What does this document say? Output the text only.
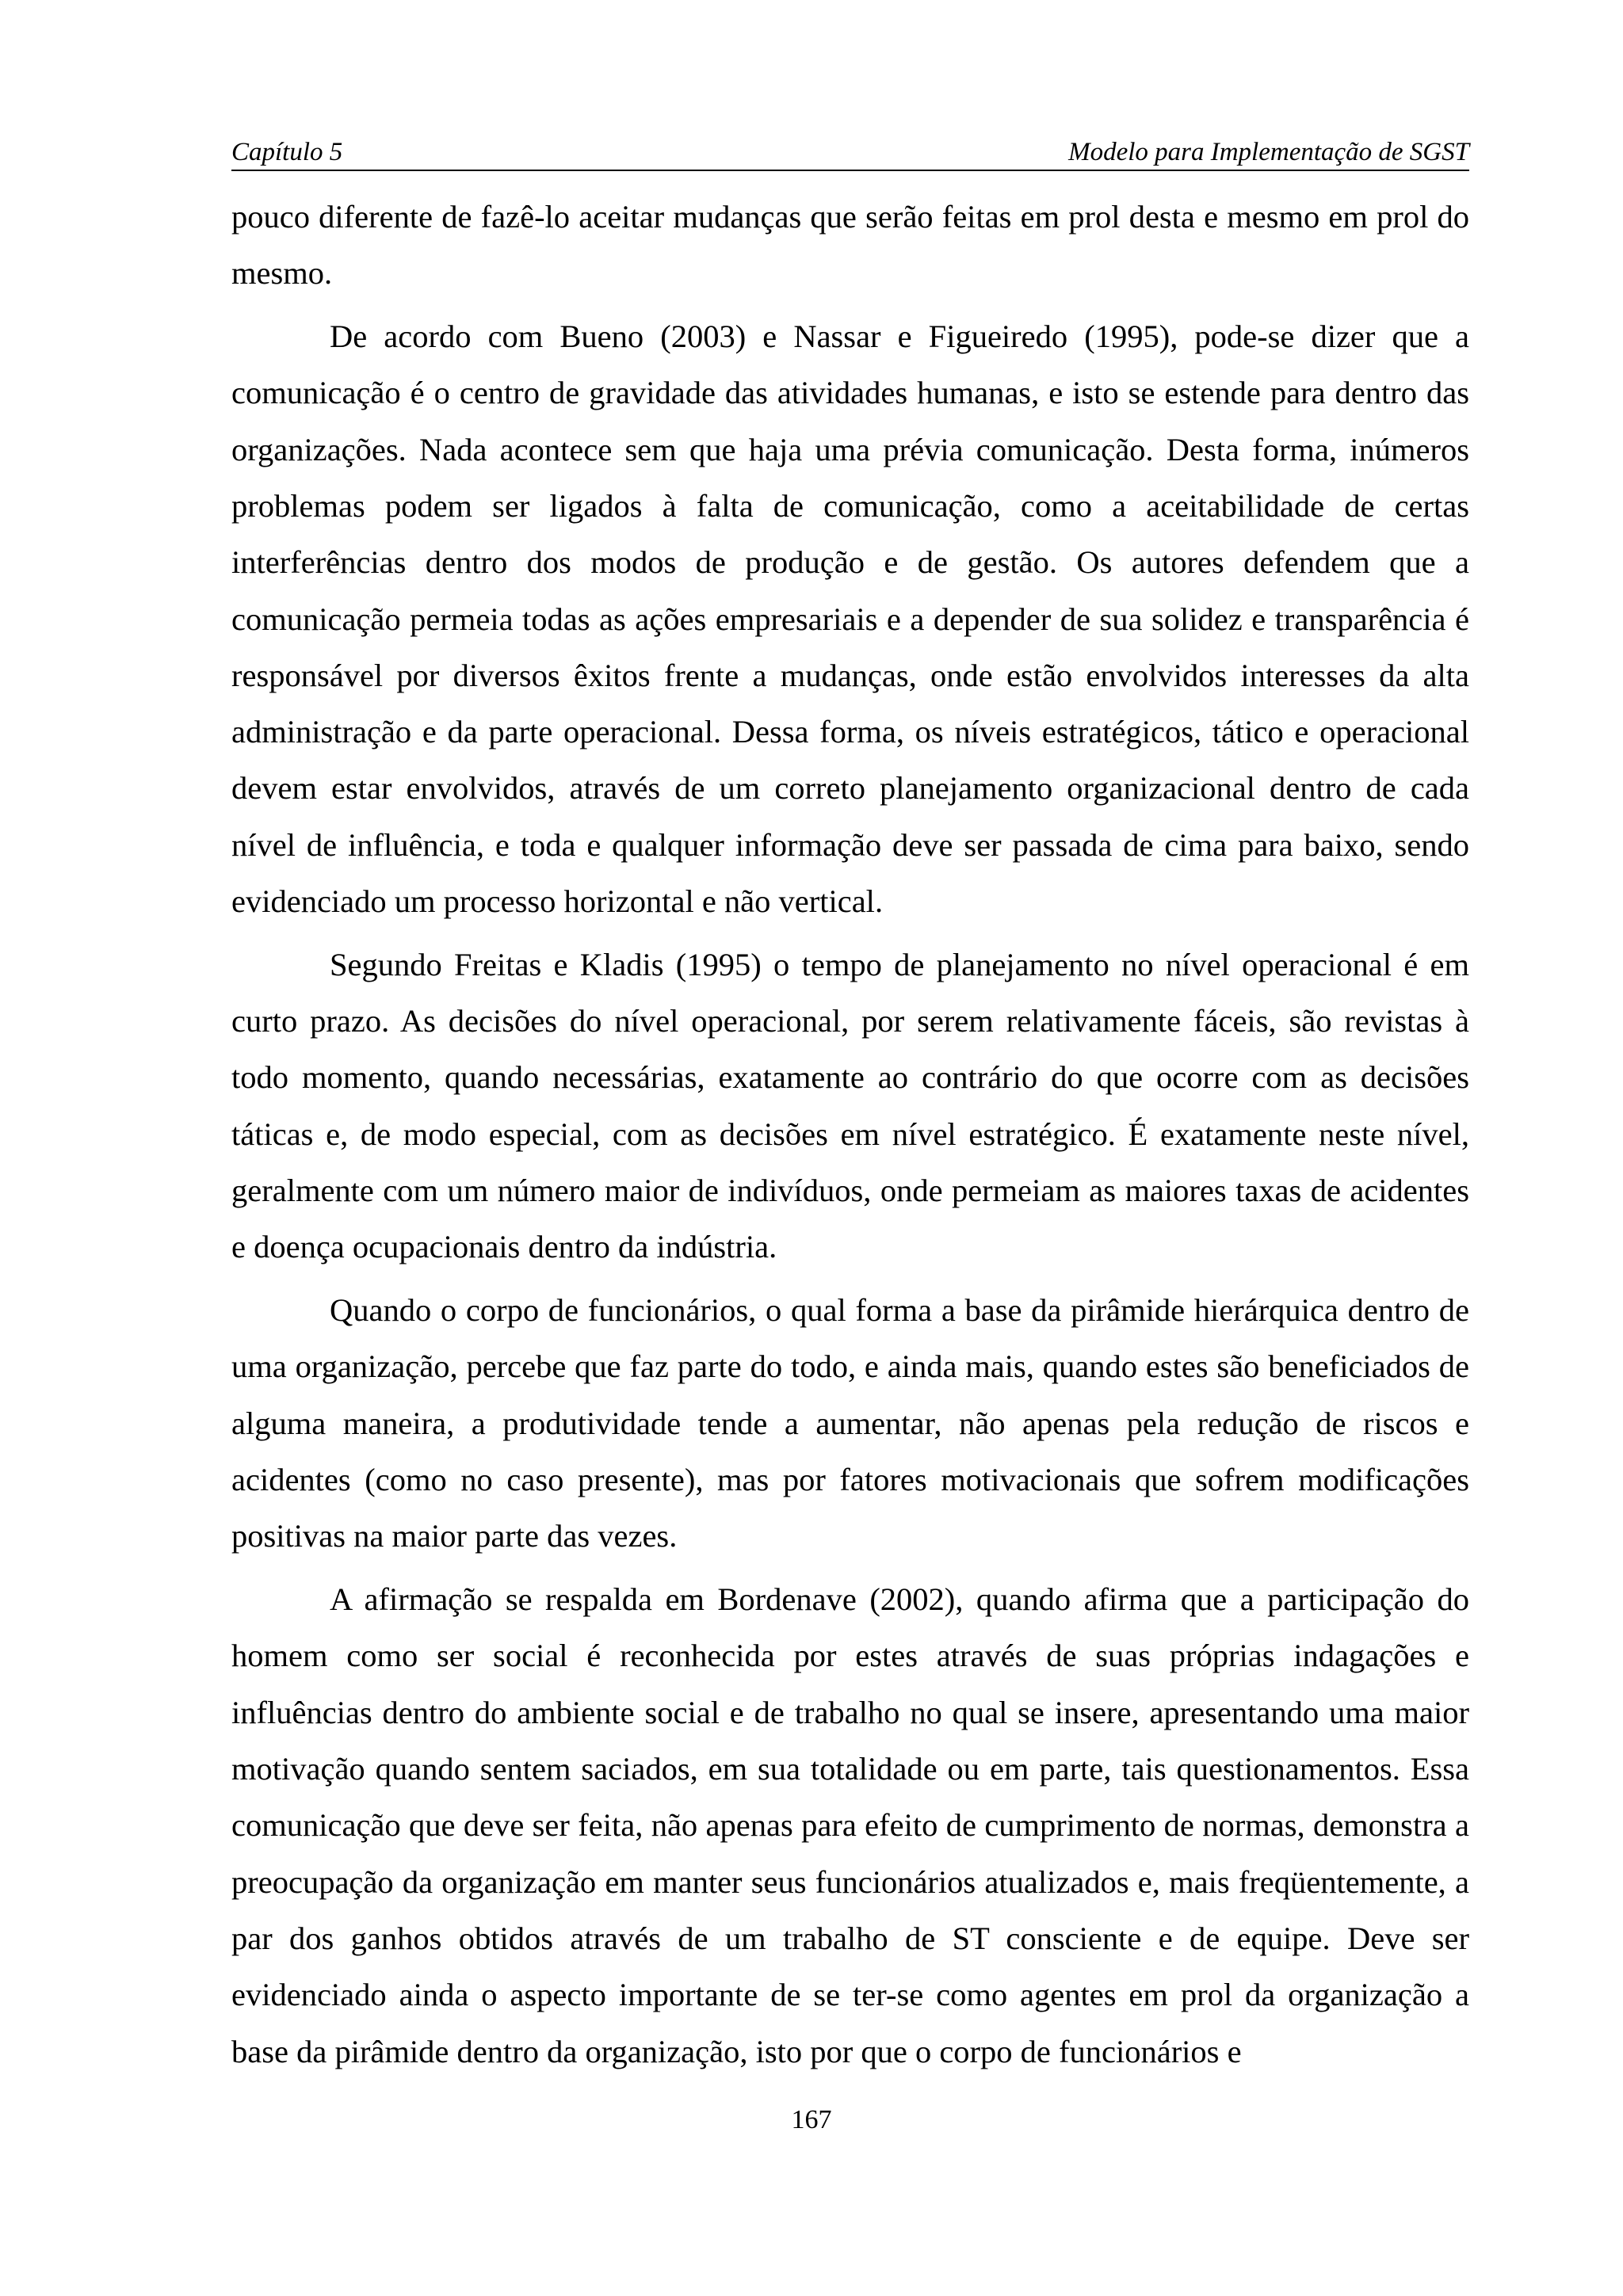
Capítulo 5	Modelo para Implementação de SGST

pouco diferente de fazê-lo aceitar mudanças que serão feitas em prol desta e mesmo em prol do mesmo.

De acordo com Bueno (2003) e Nassar e Figueiredo (1995), pode-se dizer que a comunicação é o centro de gravidade das atividades humanas, e isto se estende para dentro das organizações. Nada acontece sem que haja uma prévia comunicação. Desta forma, inúmeros problemas podem ser ligados à falta de comunicação, como a aceitabilidade de certas interferências dentro dos modos de produção e de gestão. Os autores defendem que a comunicação permeia todas as ações empresariais e a depender de sua solidez e transparência é responsável por diversos êxitos frente a mudanças, onde estão envolvidos interesses da alta administração e da parte operacional. Dessa forma, os níveis estratégicos, tático e operacional devem estar envolvidos, através de um correto planejamento organizacional dentro de cada nível de influência, e toda e qualquer informação deve ser passada de cima para baixo, sendo evidenciado um processo horizontal e não vertical.

Segundo Freitas e Kladis (1995) o tempo de planejamento no nível operacional é em curto prazo. As decisões do nível operacional, por serem relativamente fáceis, são revistas à todo momento, quando necessárias, exatamente ao contrário do que ocorre com as decisões táticas e, de modo especial, com as decisões em nível estratégico. É exatamente neste nível, geralmente com um número maior de indivíduos, onde permeiam as maiores taxas de acidentes e doença ocupacionais dentro da indústria.

Quando o corpo de funcionários, o qual forma a base da pirâmide hierárquica dentro de uma organização, percebe que faz parte do todo, e ainda mais, quando estes são beneficiados de alguma maneira, a produtividade tende a aumentar, não apenas pela redução de riscos e acidentes (como no caso presente), mas por fatores motivacionais que sofrem modificações positivas na maior parte das vezes.

A afirmação se respalda em Bordenave (2002), quando afirma que a participação do homem como ser social é reconhecida por estes através de suas próprias indagações e influências dentro do ambiente social e de trabalho no qual se insere, apresentando uma maior motivação quando sentem saciados, em sua totalidade ou em parte, tais questionamentos. Essa comunicação que deve ser feita, não apenas para efeito de cumprimento de normas, demonstra a preocupação da organização em manter seus funcionários atualizados e, mais freqüentemente, a par dos ganhos obtidos através de um trabalho de ST consciente e de equipe. Deve ser evidenciado ainda o aspecto importante de se ter-se como agentes em prol da organização a base da pirâmide dentro da organização, isto por que o corpo de funcionários e

167
